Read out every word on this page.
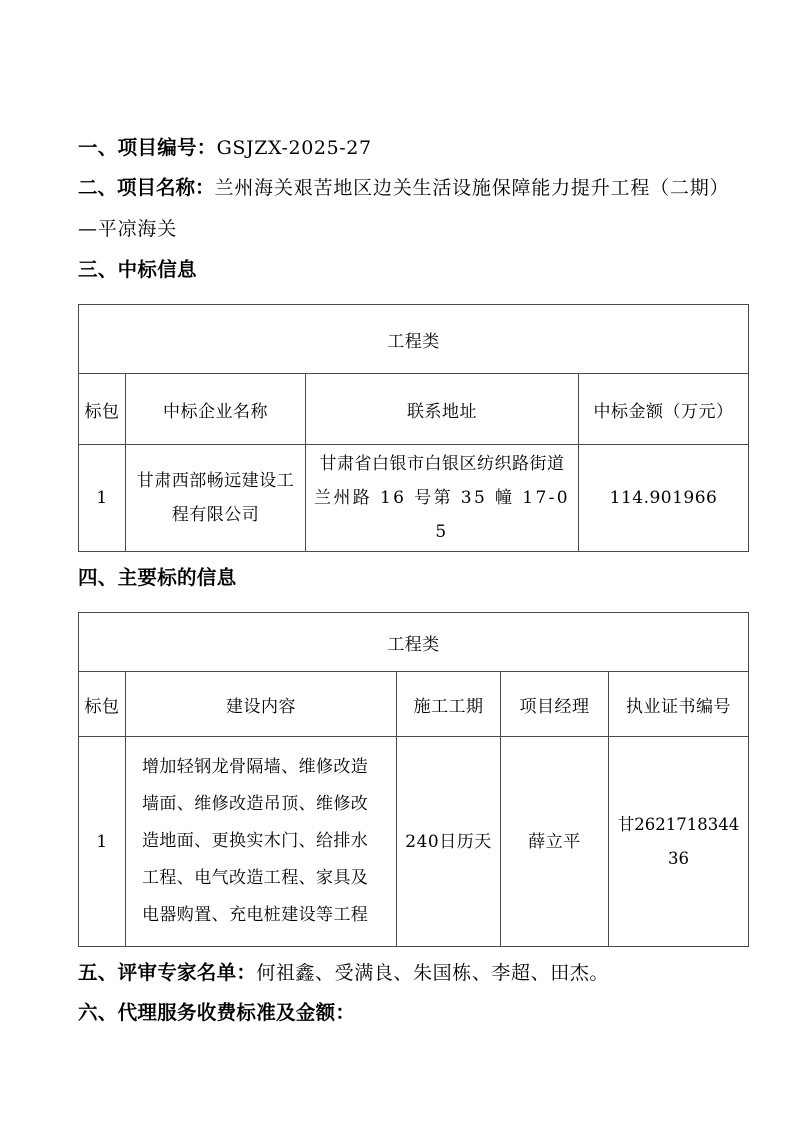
一、项目编号：GSJZX-2025-27
二、项目名称：兰州海关艰苦地区边关生活设施保障能力提升工程（二期）—平凉海关
三、中标信息
工程类			
标包	中标企业名称	联系地址	中标金额（万元）
1	甘肃西部畅远建设工
程有限公司	甘肃省白银市白银区纺织路街道
兰州路 16 号第 35 幢 17-05	114.901966
四、主要标的信息
工程类				
标包	建设内容	施工工期	项目经理	执业证书编号
1	增加轻钢龙骨隔墙、维修改造
墙面、维修改造吊顶、维修改
造地面、更换实木门、给排水
工程、电气改造工程、家具及
电器购置、充电桩建设等工程	240日历天	薛立平	甘262171834436
五、评审专家名单：何祖鑫、受满良、朱国栋、李超、田杰。
六、代理服务收费标准及金额：
